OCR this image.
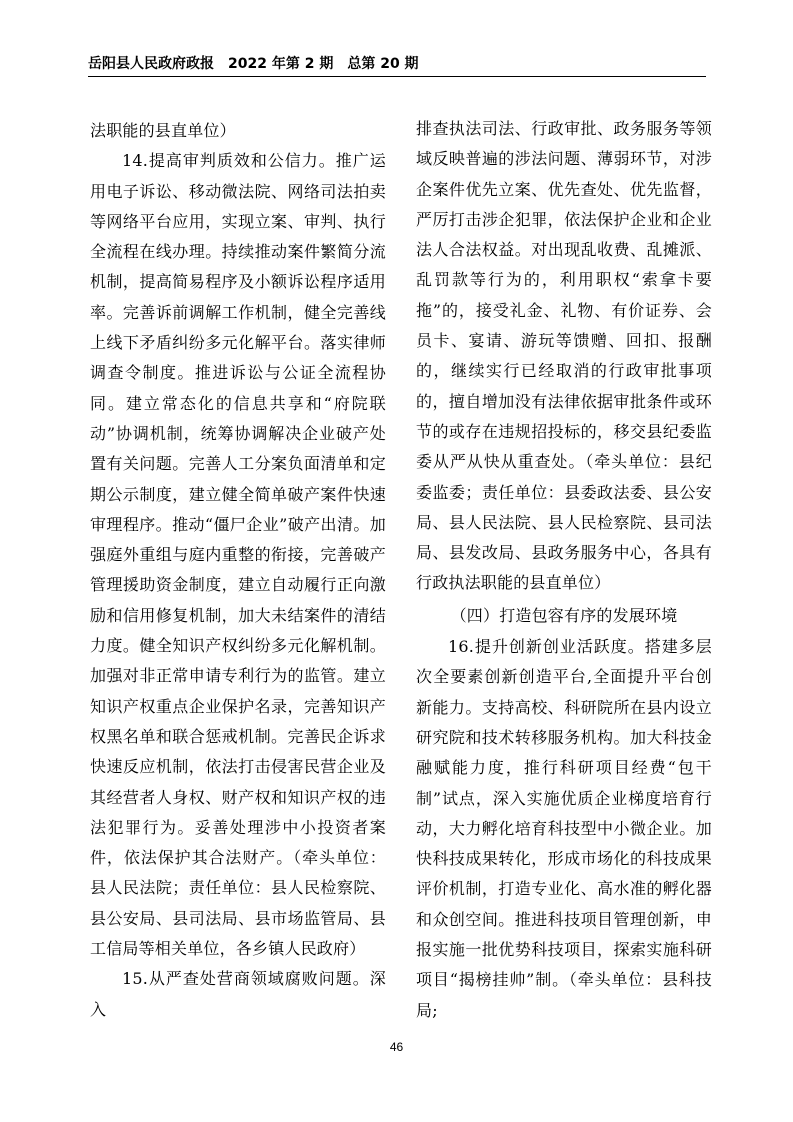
岳阳县人民政府政报　2022 年第 2 期　总第 20 期

法职能的县直单位）

14.提高审判质效和公信力。推广运用电子诉讼、移动微法院、网络司法拍卖等网络平台应用，实现立案、审判、执行全流程在线办理。持续推动案件繁简分流机制，提高简易程序及小额诉讼程序适用率。完善诉前调解工作机制，健全完善线上线下矛盾纠纷多元化解平台。落实律师调查令制度。推进诉讼与公证全流程协同。建立常态化的信息共享和“府院联动”协调机制，统筹协调解决企业破产处置有关问题。完善人工分案负面清单和定期公示制度，建立健全简单破产案件快速审理程序。推动“僵尸企业”破产出清。加强庭外重组与庭内重整的衔接，完善破产管理援助资金制度，建立自动履行正向激励和信用修复机制，加大未结案件的清结力度。健全知识产权纠纷多元化解机制。加强对非正常申请专利行为的监管。建立知识产权重点企业保护名录，完善知识产权黑名单和联合惩戒机制。完善民企诉求快速反应机制，依法打击侵害民营企业及其经营者人身权、财产权和知识产权的违法犯罪行为。妥善处理涉中小投资者案件，依法保护其合法财产。（牵头单位：县人民法院；责任单位：县人民检察院、县公安局、县司法局、县市场监管局、县工信局等相关单位，各乡镇人民政府）

15.从严查处营商领域腐败问题。深入

排查执法司法、行政审批、政务服务等领域反映普遍的涉法问题、薄弱环节，对涉企案件优先立案、优先查处、优先监督，严厉打击涉企犯罪，依法保护企业和企业法人合法权益。对出现乱收费、乱摊派、乱罚款等行为的，利用职权“索拿卡要拖”的，接受礼金、礼物、有价证券、会员卡、宴请、游玩等馈赠、回扣、报酬的，继续实行已经取消的行政审批事项的，擅自增加没有法律依据审批条件或环节的或存在违规招投标的，移交县纪委监委从严从快从重查处。（牵头单位：县纪委监委；责任单位：县委政法委、县公安局、县人民法院、县人民检察院、县司法局、县发改局、县政务服务中心，各具有行政执法职能的县直单位）

（四）打造包容有序的发展环境

16.提升创新创业活跃度。搭建多层次全要素创新创造平台,全面提升平台创新能力。支持高校、科研院所在县内设立研究院和技术转移服务机构。加大科技金融赋能力度，推行科研项目经费“包干制”试点，深入实施优质企业梯度培育行动，大力孵化培育科技型中小微企业。加快科技成果转化，形成市场化的科技成果评价机制，打造专业化、高水准的孵化器和众创空间。推进科技项目管理创新，申报实施一批优势科技项目，探索实施科研项目“揭榜挂帅”制。（牵头单位：县科技局;

46
